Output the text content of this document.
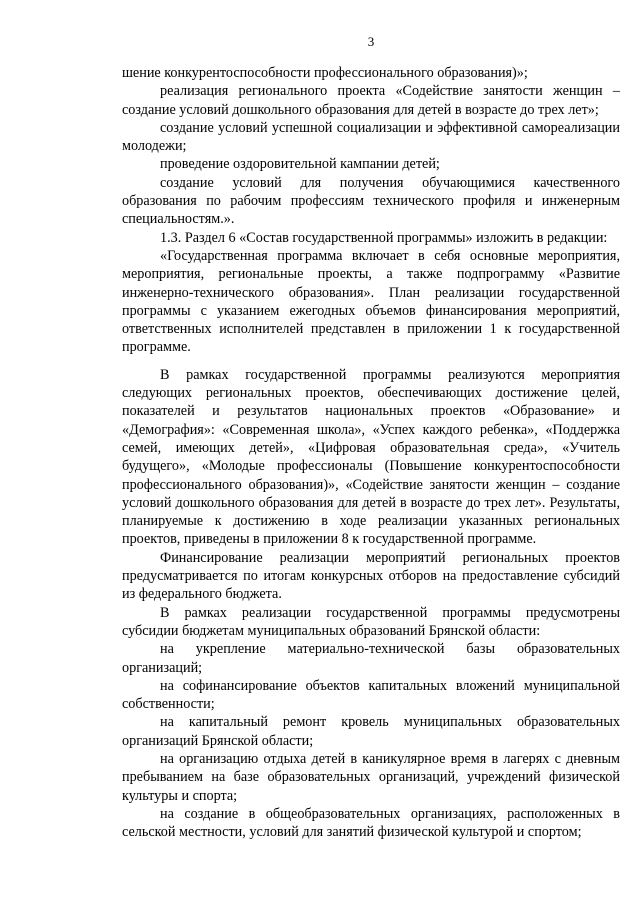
3

шение конкурентоспособности профессионального образования)»;

реализация регионального проекта «Содействие занятости женщин – создание условий дошкольного образования для детей в возрасте до трех лет»;

создание условий успешной социализации и эффективной самореализации молодежи;

проведение оздоровительной кампании детей;

создание условий для получения обучающимися качественного образования по рабочим профессиям технического профиля и инженерным специальностям.».

1.3. Раздел 6 «Состав государственной программы» изложить в редакции:

«Государственная программа включает в себя основные мероприятия, мероприятия, региональные проекты, а также подпрограмму «Развитие инженерно-технического образования». План реализации государственной программы с указанием ежегодных объемов финансирования мероприятий, ответственных исполнителей представлен в приложении 1 к государственной программе.

В рамках государственной программы реализуются мероприятия следующих региональных проектов, обеспечивающих достижение целей, показателей и результатов национальных проектов «Образование» и «Демография»: «Современная школа», «Успех каждого ребенка», «Поддержка семей, имеющих детей», «Цифровая образовательная среда», «Учитель будущего», «Молодые профессионалы (Повышение конкурентоспособности профессионального образования)», «Содействие занятости женщин – создание условий дошкольного образования для детей в возрасте до трех лет». Результаты, планируемые к достижению в ходе реализации указанных региональных проектов, приведены в приложении 8 к государственной программе.

Финансирование реализации мероприятий региональных проектов предусматривается по итогам конкурсных отборов на предоставление субсидий из федерального бюджета.

В рамках реализации государственной программы предусмотрены субсидии бюджетам муниципальных образований Брянской области:

на укрепление материально-технической базы образовательных организаций;

на софинансирование объектов капитальных вложений муниципальной собственности;

на капитальный ремонт кровель муниципальных образовательных организаций Брянской области;

на организацию отдыха детей в каникулярное время в лагерях с дневным пребыванием на базе образовательных организаций, учреждений физической культуры и спорта;

на создание в общеобразовательных организациях, расположенных в сельской местности, условий для занятий физической культурой и спортом;
